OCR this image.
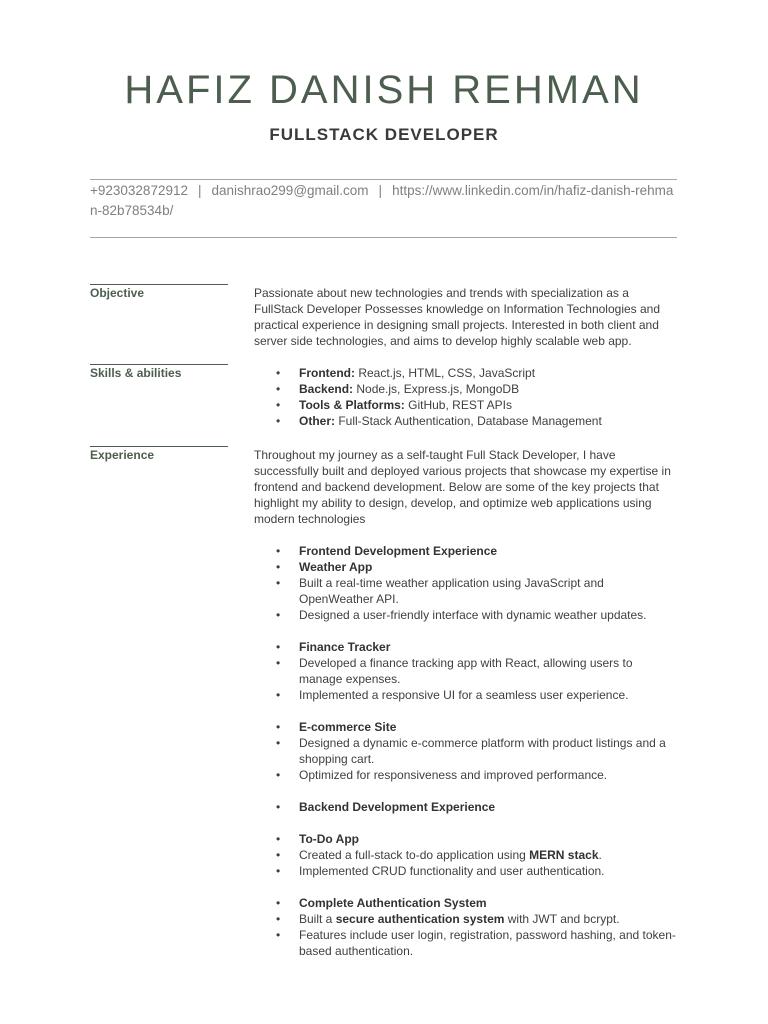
HAFIZ DANISH REHMAN
FULLSTACK DEVELOPER
+923032872912 | danishrao299@gmail.com | https://www.linkedin.com/in/hafiz-danish-rehman-82b78534b/
Objective	Passionate about new technologies and trends with specialization as a FullStack Developer Possesses knowledge on Information Technologies and practical experience in designing small projects. Interested in both client and server side technologies, and aims to develop highly scalable web app.

Skills & abilities
•	Frontend: React.js, HTML, CSS, JavaScript
• Backend: Node.js, Express.js, MongoDB
• Tools & Platforms: GitHub, REST APIs
• Other: Full-Stack Authentication, Database Management
Experience	Throughout my journey as a self-taught Full Stack Developer, I have successfully built and deployed various projects that showcase my expertise in frontend and backend development. Below are some of the key projects that highlight my ability to design, develop, and optimize web applications using modern technologies

• Frontend Development Experience
• Weather App
• Built a real-time weather application using JavaScript and OpenWeather API.
• Designed a user-friendly interface with dynamic weather updates.
• Finance Tracker
• Developed a finance tracking app with React, allowing users to manage expenses.
• Implemented a responsive UI for a seamless user experience.
• E-commerce Site
• Designed a dynamic e-commerce platform with product listings and a shopping cart.
• Optimized for responsiveness and improved performance.
• Backend Development Experience
• To-Do App
• Created a full-stack to-do application using MERN stack.
• Implemented CRUD functionality and user authentication.
• Complete Authentication System
• Built a secure authentication system with JWT and bcrypt.
• Features include user login, registration, password hashing, and token-based authentication.
